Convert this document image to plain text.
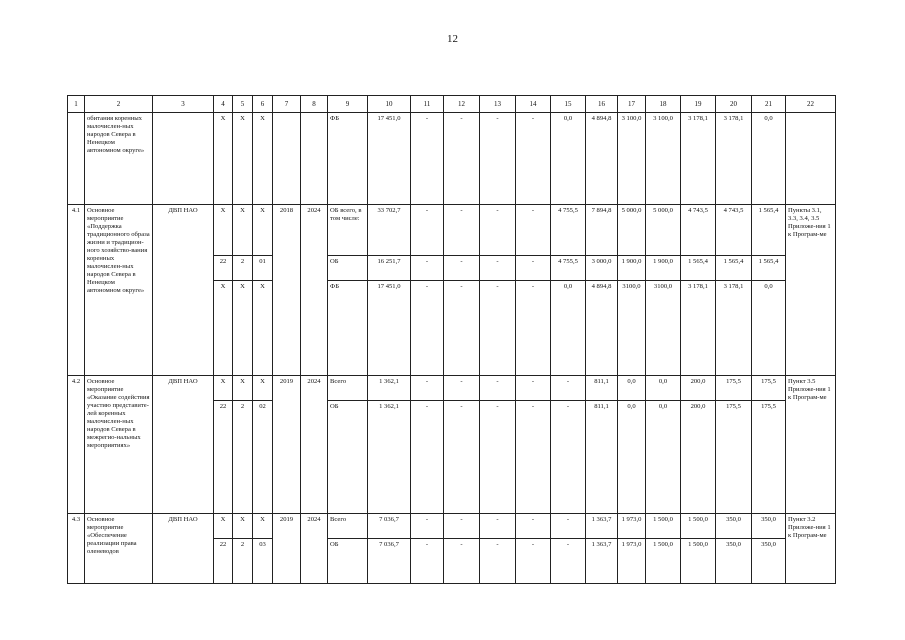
12
1	2	3	4	5	6	7	8	9	10	11	12	13	14	15	16	17	18	19	20	21	22
	обитания коренных малочислен-ных народов Севера в Ненецком автономном округе»		Х	Х	Х			ФБ	17 451,0	-	-	-	-	0,0	4 894,8	3 100,0	3 100,0	3 178,1	3 178,1	0,0	
4.1	Основное мероприятие «Поддержка традиционного образа жизни и традицион-ного хозяйство-вания коренных малочислен-ных народов Севера в Ненецком автономном округе»	ДВП НАО	Х	Х	Х	2018	2024	ОБ всего, в том числе:	33 702,7	-	-	-	-	4 755,5	7 894,8	5 000,0	5 000,0	4 743,5	4 743,5	1 565,4	Пункты 3.1, 3.3, 3.4, 3.5 Приложе-ния 1 к Програм-ме
			22	2	01			ОБ	16 251,7	-	-	-	-	4 755,5	3 000,0	1 900,0	1 900,0	1 565,4	1 565,4	1 565,4	
			Х	Х	Х			ФБ	17 451,0	-	-	-	-	0,0	4 894,8	3100,0	3100,0	3 178,1	3 178,1	0,0	
4.2	Основное мероприятие «Оказание содействия участию представите-лей коренных малочислен-ных народов Севера в межрегио-нальных мероприятиях»	ДВП НАО	Х	Х	Х	2019	2024	Всего	1 362,1	-	-	-	-	-	811,1	0,0	0,0	200,0	175,5	175,5	Пункт 3.5 Приложе-ния 1 к Програм-ме
			22	2	02			ОБ	1 362,1	-	-	-	-	-	811,1	0,0	0,0	200,0	175,5	175,5	
4.3	Основное мероприятие «Обеспечение реализации права оленеводов	ДВП НАО	Х	Х	Х	2019	2024	Всего	7 036,7	-	-	-	-	-	1 363,7	1 973,0	1 500,0	1 500,0	350,0	350,0	Пункт 3.2 Приложе-ния 1 к Програм-ме
			22	2	03			ОБ	7 036,7	-	-	-	-	-	1 363,7	1 973,0	1 500,0	1 500,0	350,0	350,0	
